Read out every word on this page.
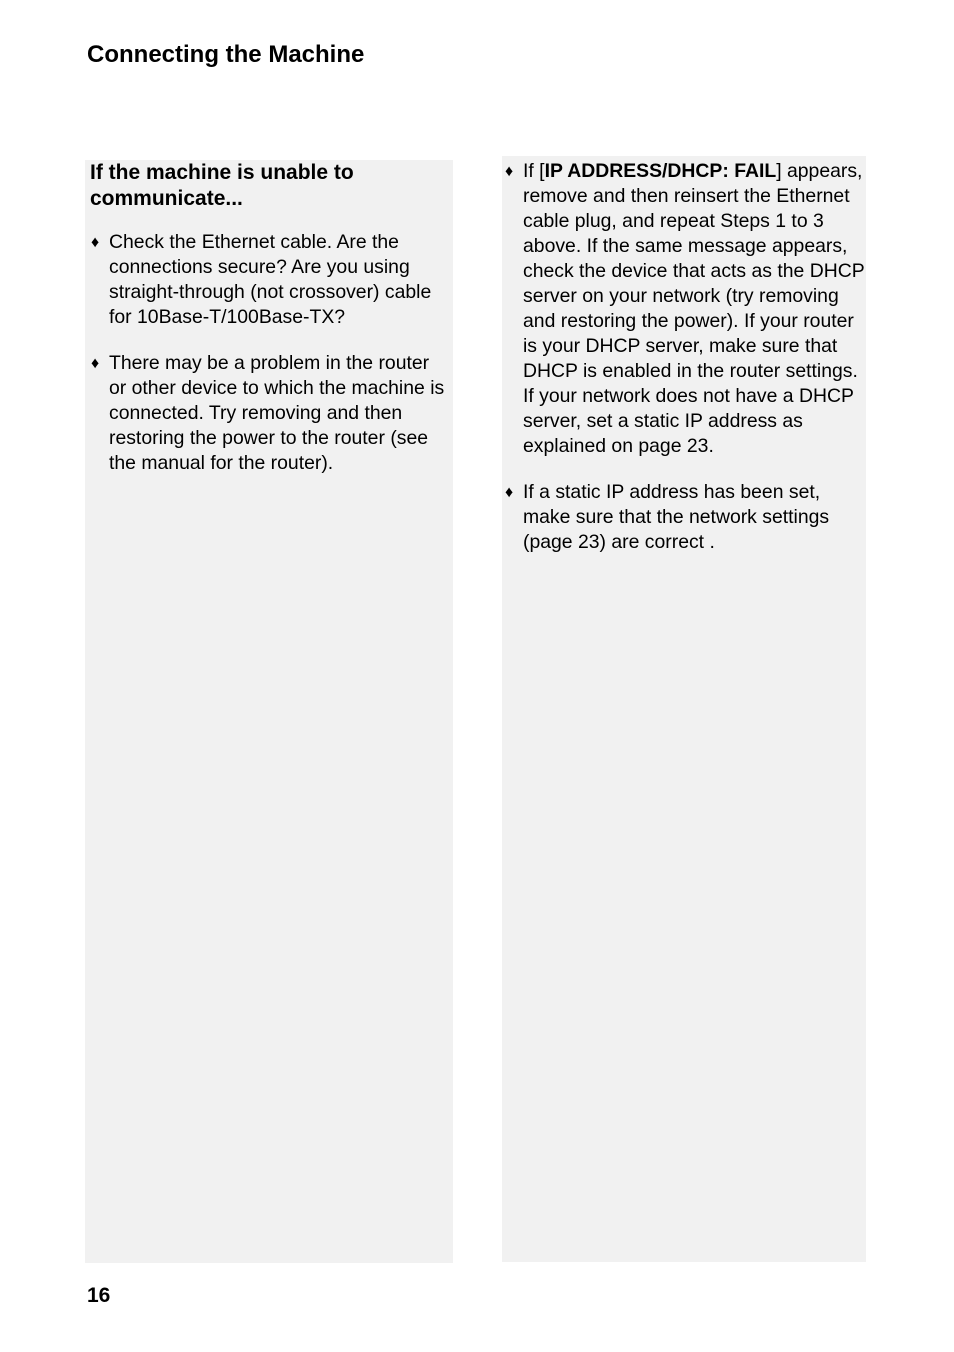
Connecting the Machine
If the machine is unable to communicate...
♦ Check the Ethernet cable. Are the connections secure? Are you using straight-through (not crossover) cable for 10Base-T/100Base-TX?
♦ There may be a problem in the router or other device to which the machine is connected. Try removing and then restoring the power to the router (see the manual for the router).
♦ If [IP ADDRESS/DHCP: FAIL] appears, remove and then reinsert the Ethernet cable plug, and repeat Steps 1 to 3 above. If the same message appears, check the device that acts as the DHCP server on your network (try removing and restoring the power). If your router is your DHCP server, make sure that DHCP is enabled in the router settings. If your network does not have a DHCP server, set a static IP address as explained on page 23.
♦ If a static IP address has been set, make sure that the network settings (page 23) are correct .
16
